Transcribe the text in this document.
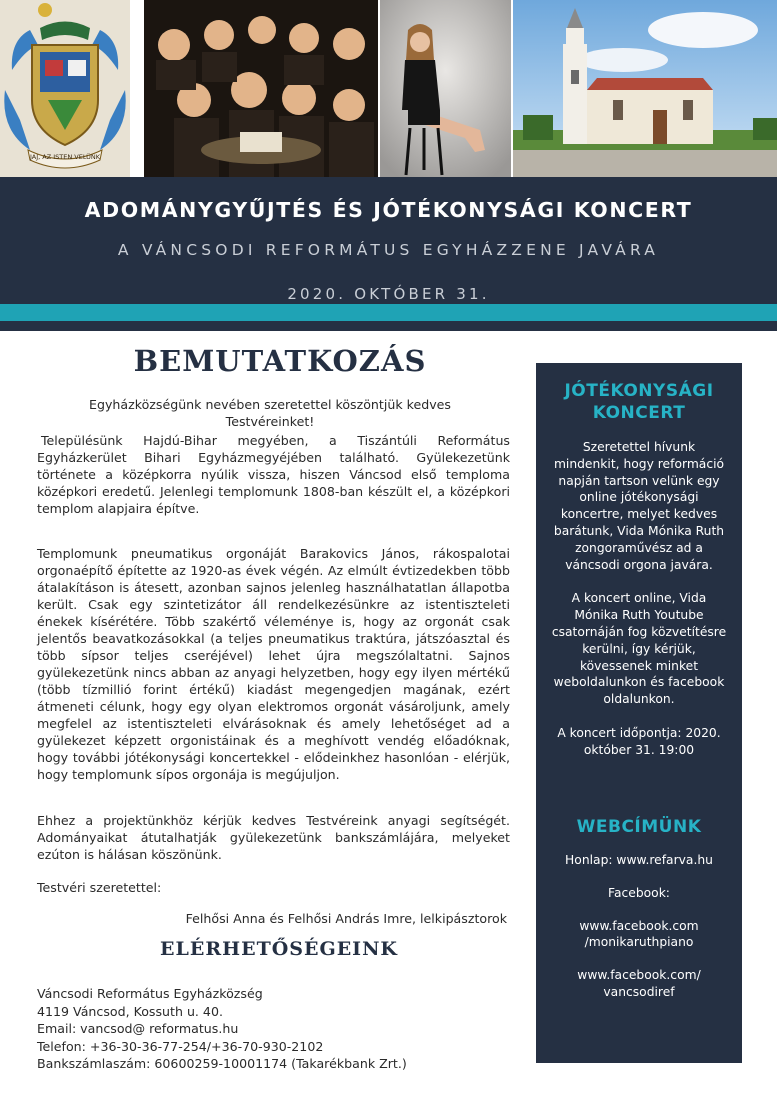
JAJ, AZ ISTEN VELÜNK
ADOMÁNYGYŰJTÉS ÉS JÓTÉKONYSÁGI KONCERT
A VÁNCSODI REFORMÁTUS EGYHÁZZENE JAVÁRA
2020. OKTÓBER 31.
BEMUTATKOZÁS
Egyházközségünk nevében szeretettel köszöntjük kedves Testvéreinket!

Településünk Hajdú-Bihar megyében, a Tiszántúli Református Egyházkerület Bihari Egyházmegyéjében található. Gyülekezetünk története a középkorra nyúlik vissza, hiszen Váncsod első temploma középkori eredetű. Jelenlegi templomunk 1808-ban készült el, a középkori templom alapjaira építve.

Templomunk pneumatikus orgonáját Barakovics János, rákospalotai orgonaépítő építette az 1920-as évek végén. Az elmúlt évtizedekben több átalakításon is átesett, azonban sajnos jelenleg használhatatlan állapotba került. Csak egy szintetizátor áll rendelkezésünkre az istentiszteleti énekek kísérétére. Több szakértő véleménye is, hogy az orgonát csak jelentős beavatkozásokkal (a teljes pneumatikus traktúra, játszóasztal és több sípsor teljes cseréjével) lehet újra megszólaltatni. Sajnos gyülekezetünk nincs abban az anyagi helyzetben, hogy egy ilyen mértékű (több tízmillió forint értékű) kiadást megengedjen magának, ezért átmeneti célunk, hogy egy olyan elektromos orgonát vásároljunk, amely megfelel az istentiszteleti elvárásoknak és amely lehetőséget ad a gyülekezet képzett orgonistáinak és a meghívott vendég előadóknak, hogy további jótékonysági koncertekkel - elődeinkhez hasonlóan - elérjük, hogy templomunk sípos orgonája is megújuljon.

Ehhez a projektünkhöz kérjük kedves Testvéreink anyagi segítségét. Adományaikat átutalhatják gyülekezetünk bankszámlájára, melyeket ezúton is hálásan köszönünk.

Testvéri szeretettel:

Felhősi Anna és Felhősi András Imre, lelkipásztorok
ELÉRHETŐSÉGEINK
Váncsodi Református Egyházközség
4119 Váncsod, Kossuth u. 40.
Email: vancsod@ reformatus.hu
Telefon: +36-30-36-77-254/+36-70-930-2102
Bankszámlaszám: 60600259-10001174 (Takarékbank Zrt.)
JÓTÉKONYSÁGI KONCERT

Szeretettel hívunk mindenkit, hogy reformáció napján tartson velünk egy online jótékonysági koncertre, melyet kedves barátunk, Vida Mónika Ruth zongoraművész ad a váncsodi orgona javára.

A koncert online, Vida Mónika Ruth Youtube csatornáján fog közvetítésre kerülni, így kérjük, kövessenek minket weboldalunkon és facebook oldalunkon.

A koncert időpontja: 2020. október 31. 19:00

WEBCÍMÜNK

Honlap: www.refarva.hu

Facebook:

www.facebook.com /monikaruthpiano

www.facebook.com/ vancsodiref
